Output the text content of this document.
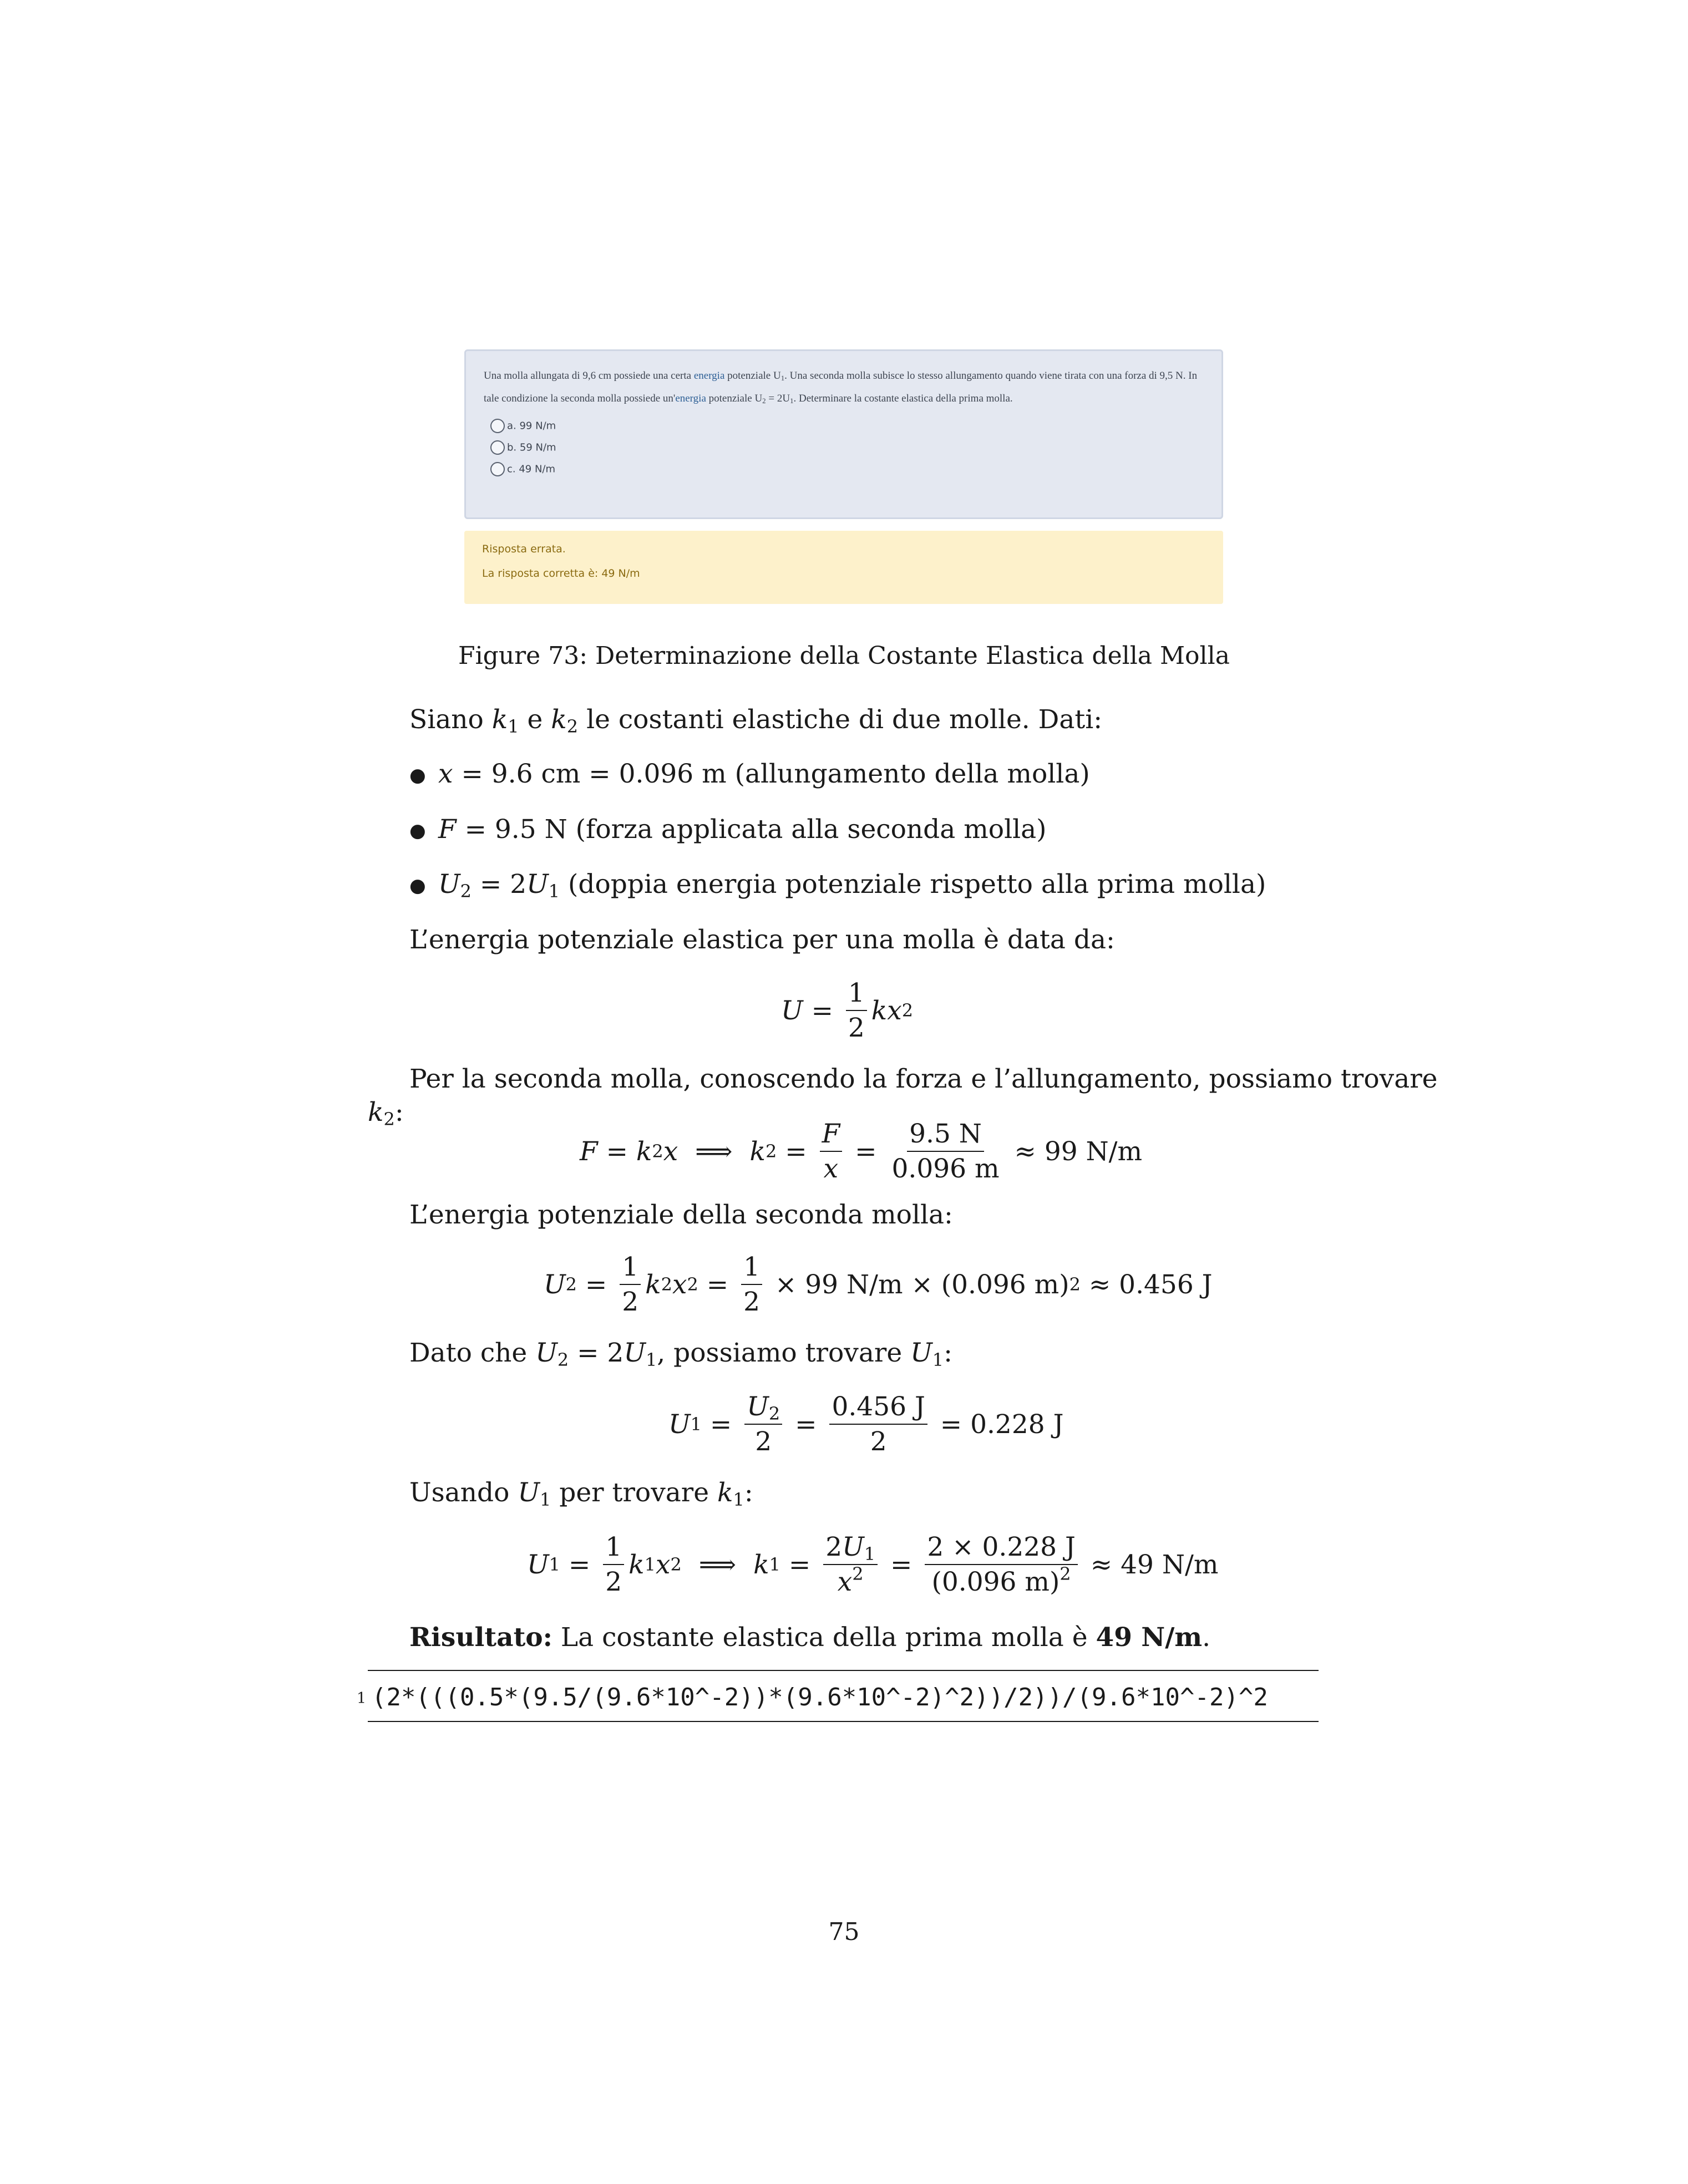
Una molla allungata di 9,6 cm possiede una certa energia potenziale $U_1$. Una seconda molla subisce lo stesso allungamento quando viene tirata con una forza di 9,5 N. In tale condizione la seconda molla possiede un'energia potenziale $U_2 = 2U_1$. Determinare la costante elastica della prima molla.
a. 99 N/m
b. 59 N/m
c. 49 N/m
Risposta errata.
La risposta corretta è: 49 N/m
Figure 73: Determinazione della Costante Elastica della Molla
Siano $k_1$ e $k_2$ le costanti elastiche di due molle. Dati:
● x = 9.6 cm = 0.096 m (allungamento della molla)
● F = 9.5 N (forza applicata alla seconda molla)
● $U_2 = 2U_1$ (doppia energia potenziale rispetto alla prima molla)
L’energia potenziale elastica per una molla è data da:
$U = \frac{1}{2}$ kx 2
Per la seconda molla, conoscendo la forza e l’allungamento, possiamo trovare
$k_2$:
F = k 2 x ⟹ k $2 = \frac{F}{x} = \frac{9.5 N}{0.096 m} \approx 99$ N/m
L’energia potenziale della seconda molla:
U $2 = \frac{1}{2}$ k 2 x $2 = \frac{1}{2} \times 99$ N/m × ( 0.096 m ) 2 ≈ 0.456 J
Dato che $U_2 = 2U_1$, possiamo trovare $U_1$:
U $1 = \frac{U_2}{2} = \frac{0.456 J}{2} = 0.228$ J
Usando $U_1$ per trovare $k_1$:
U $1 = \frac{1}{2}$ k 1 x 2 ⟹ k $1 = \frac{2U_1}{x^2} = \frac{2 \times 0.228 J}{(0.096 m)^2} \approx 49$ N/m
Risultato: La costante elastica della prima molla è 49 N/m.
1 (2*(((0.5*(9.5/(9.6*10^-2))*(9.6*10^-2)^2))/2))/(9.6*10^-2)^2
75
